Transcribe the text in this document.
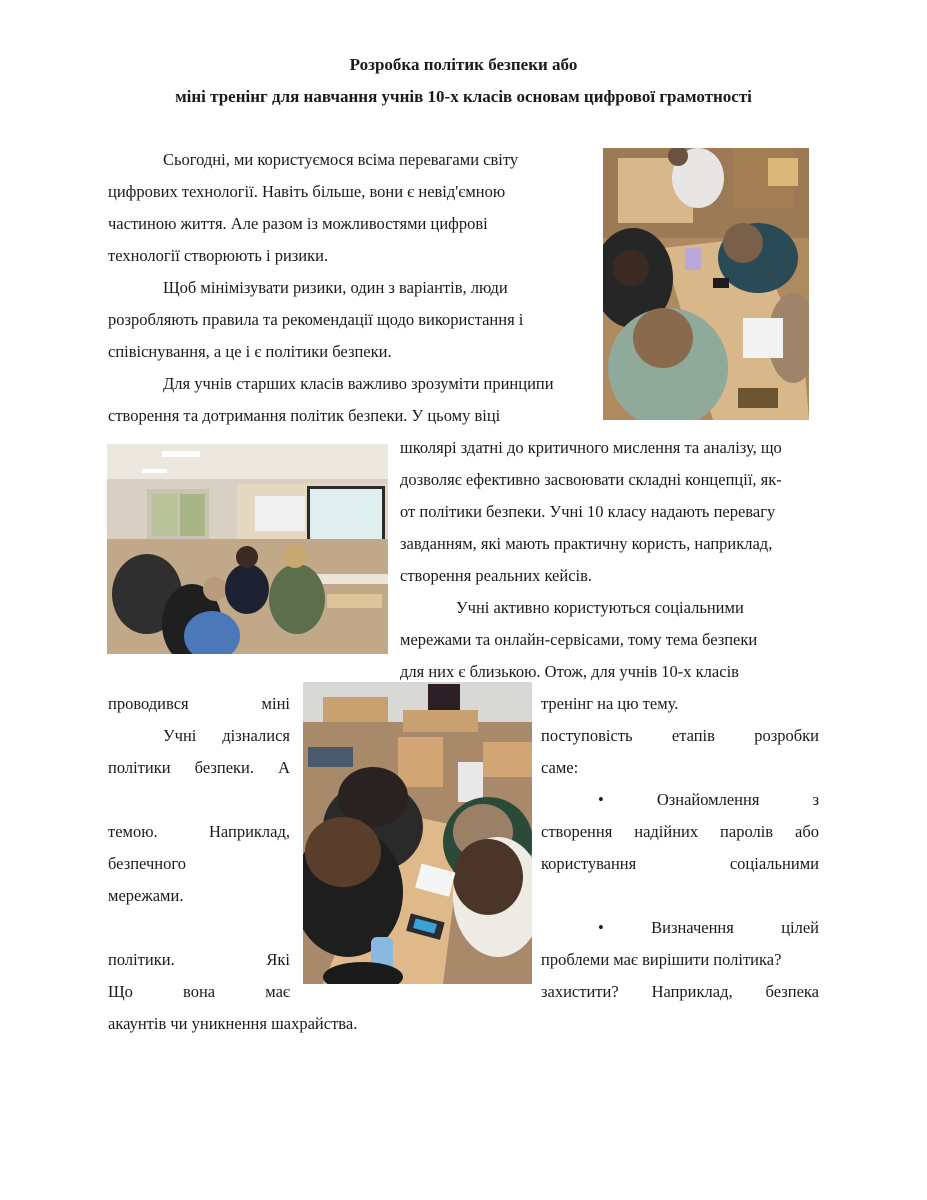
Розробка політик безпеки або
міні тренінг для навчання учнів 10-х класів основам цифрової грамотності
Сьогодні, ми користуємося всіма перевагами світу
цифрових технології. Навіть більше, вони є невід'ємною
частиною життя. Але разом із можливостями цифрові
технології створюють і ризики.
Щоб мінімізувати ризики, один з варіантів, люди
розробляють правила та рекомендації щодо використання і
співіснування, а це і є політики безпеки.
Для учнів старших класів важливо зрозуміти принципи
створення та дотримання політик безпеки. У цьому віці
школярі здатні до критичного мислення та аналізу, що
дозволяє ефективно засвоювати складні концепції, як-
от політики безпеки. Учні 10 класу надають перевагу
завданням, які мають практичну користь, наприклад,
створення реальних кейсів.
Учні активно користуються соціальними
мережами та онлайн-сервісами, тому тема безпеки
для них є близькою. Отож, для учнів 10-х класів
проводився	міні
Учні дізналися
політики безпеки. А
темою.	Наприклад,
безпечного
мережами.
політики.	Які
Що	вона	має
тренінг на цю тему.
поступовість етапів розробки
саме:
•	Ознайомлення	з
створення надійних паролів або
користування	соціальними
•	Визначення	цілей
проблеми має вирішити політика?
захистити? Наприклад, безпека
акаунтів чи уникнення шахрайства.
